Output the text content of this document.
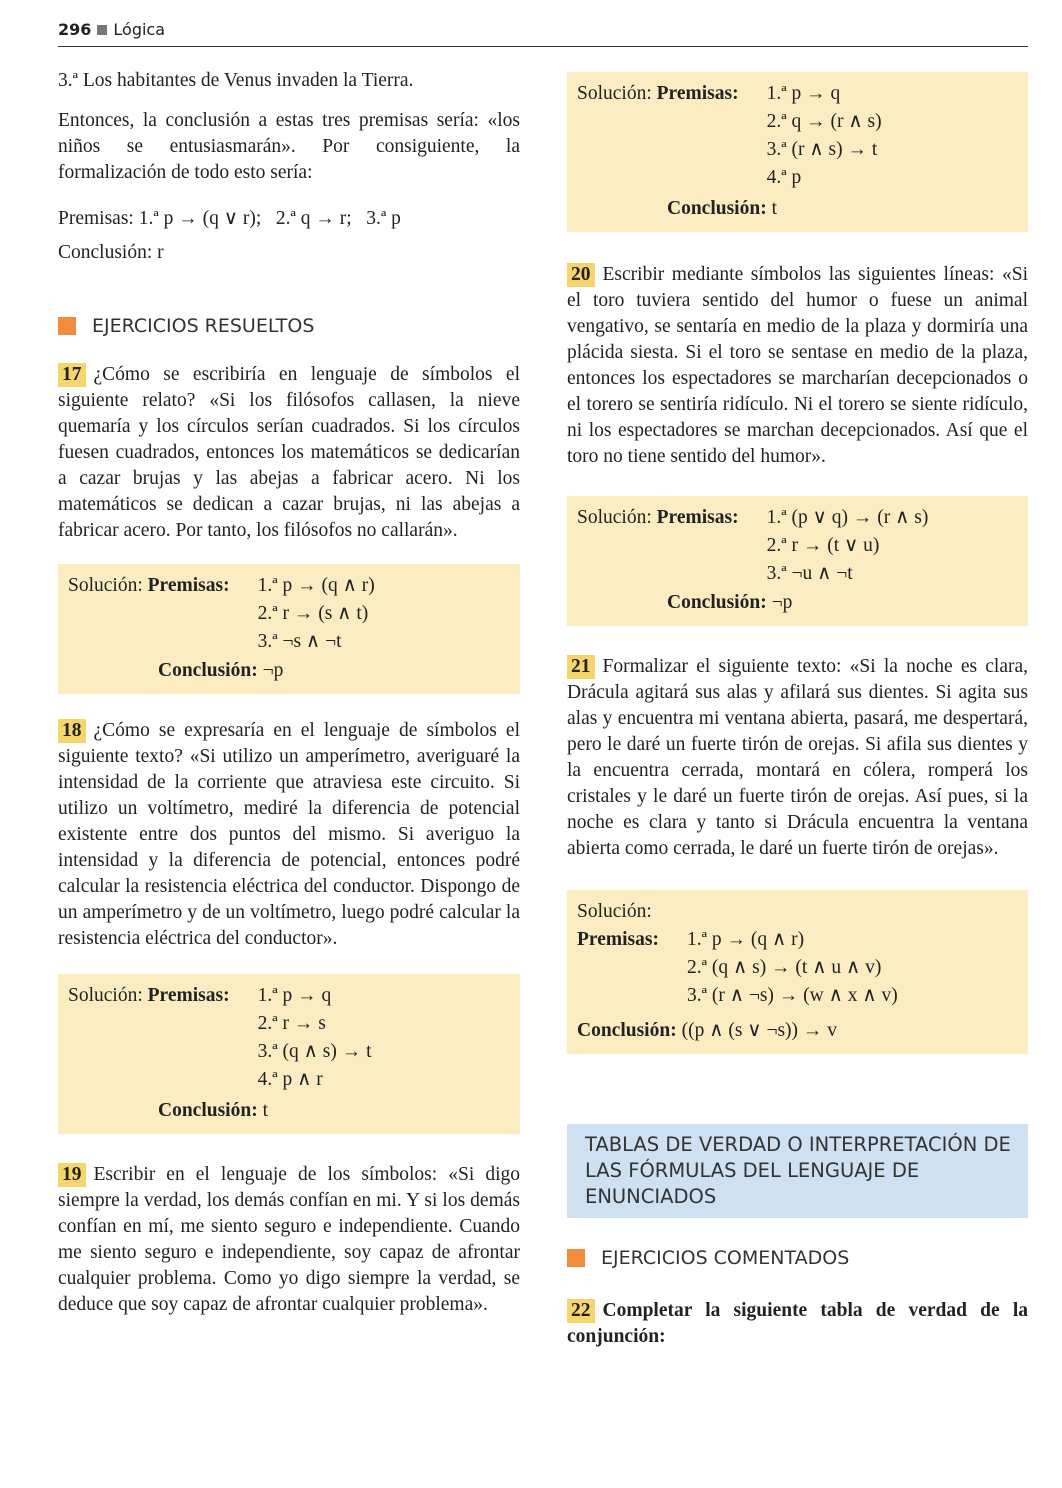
296 Lógica

3.ª Los habitantes de Venus invaden la Tierra.

Entonces, la conclusión a estas tres premisas sería: «los niños se entusiasmarán». Por consiguiente, la formalización de todo esto sería:

Premisas: 1.ª p → (q ∨ r);   2.ª q → r;   3.ª p
Conclusión: r
EJERCICIOS RESUELTOS

17 ¿Cómo se escribiría en lenguaje de símbolos el siguiente relato? «Si los filósofos callasen, la nieve quemaría y los círculos serían cuadrados. Si los círculos fuesen cuadrados, entonces los matemáticos se dedicarían a cazar brujas y las abejas a fabricar acero. Ni los matemáticos se dedican a cazar brujas, ni las abejas a fabricar acero. Por tanto, los filósofos no callarán».

Solución: Premisas:	1.ª p → (q ∧ r)
	2.ª r → (s ∧ t)
	3.ª ¬s ∧ ¬t
Conclusión: ¬p

18 ¿Cómo se expresaría en el lenguaje de símbolos el siguiente texto? «Si utilizo un amperímetro, averiguaré la intensidad de la corriente que atraviesa este circuito. Si utilizo un voltímetro, mediré la diferencia de potencial existente entre dos puntos del mismo. Si averiguo la intensidad y la diferencia de potencial, entonces podré calcular la resistencia eléctrica del conductor. Dispongo de un amperímetro y de un voltímetro, luego podré calcular la resistencia eléctrica del conductor».

Solución: Premisas:	1.ª p → q
	2.ª r → s
	3.ª (q ∧ s) → t
	4.ª p ∧ r
Conclusión: t

19 Escribir en el lenguaje de los símbolos: «Si digo siempre la verdad, los demás confían en mi. Y si los demás confían en mí, me siento seguro e independiente. Cuando me siento seguro e independiente, soy capaz de afrontar cualquier problema. Como yo digo siempre la verdad, se deduce que soy capaz de afrontar cualquier problema».

Solución: Premisas:	1.ª p → q
	2.ª q → (r ∧ s)
	3.ª (r ∧ s) → t
	4.ª p
Conclusión: t

20 Escribir mediante símbolos las siguientes líneas: «Si el toro tuviera sentido del humor o fuese un animal vengativo, se sentaría en medio de la plaza y dormiría una plácida siesta. Si el toro se sentase en medio de la plaza, entonces los espectadores se marcharían decepcionados o el torero se sentiría ridículo. Ni el torero se siente ridículo, ni los espectadores se marchan decepcionados. Así que el toro no tiene sentido del humor».

Solución: Premisas:	1.ª (p ∨ q) → (r ∧ s)
	2.ª r → (t ∨ u)
	3.ª ¬u ∧ ¬t
Conclusión: ¬p

21 Formalizar el siguiente texto: «Si la noche es clara, Drácula agitará sus alas y afilará sus dientes. Si agita sus alas y encuentra mi ventana abierta, pasará, me despertará, pero le daré un fuerte tirón de orejas. Si afila sus dientes y la encuentra cerrada, montará en cólera, romperá los cristales y le daré un fuerte tirón de orejas. Así pues, si la noche es clara y tanto si Drácula encuentra la ventana abierta como cerrada, le daré un fuerte tirón de orejas».

Solución:
Premisas:	1.ª p → (q ∧ r)
	2.ª (q ∧ s) → (t ∧ u ∧ v)
	3.ª (r ∧ ¬s) → (w ∧ x ∧ v)
Conclusión: ((p ∧ (s ∨ ¬s)) → v
TABLAS DE VERDAD O INTERPRETACIÓN DE LAS FÓRMULAS DEL LENGUAJE DE ENUNCIADOS
EJERCICIOS COMENTADOS

22 Completar la siguiente tabla de verdad de la conjunción:
